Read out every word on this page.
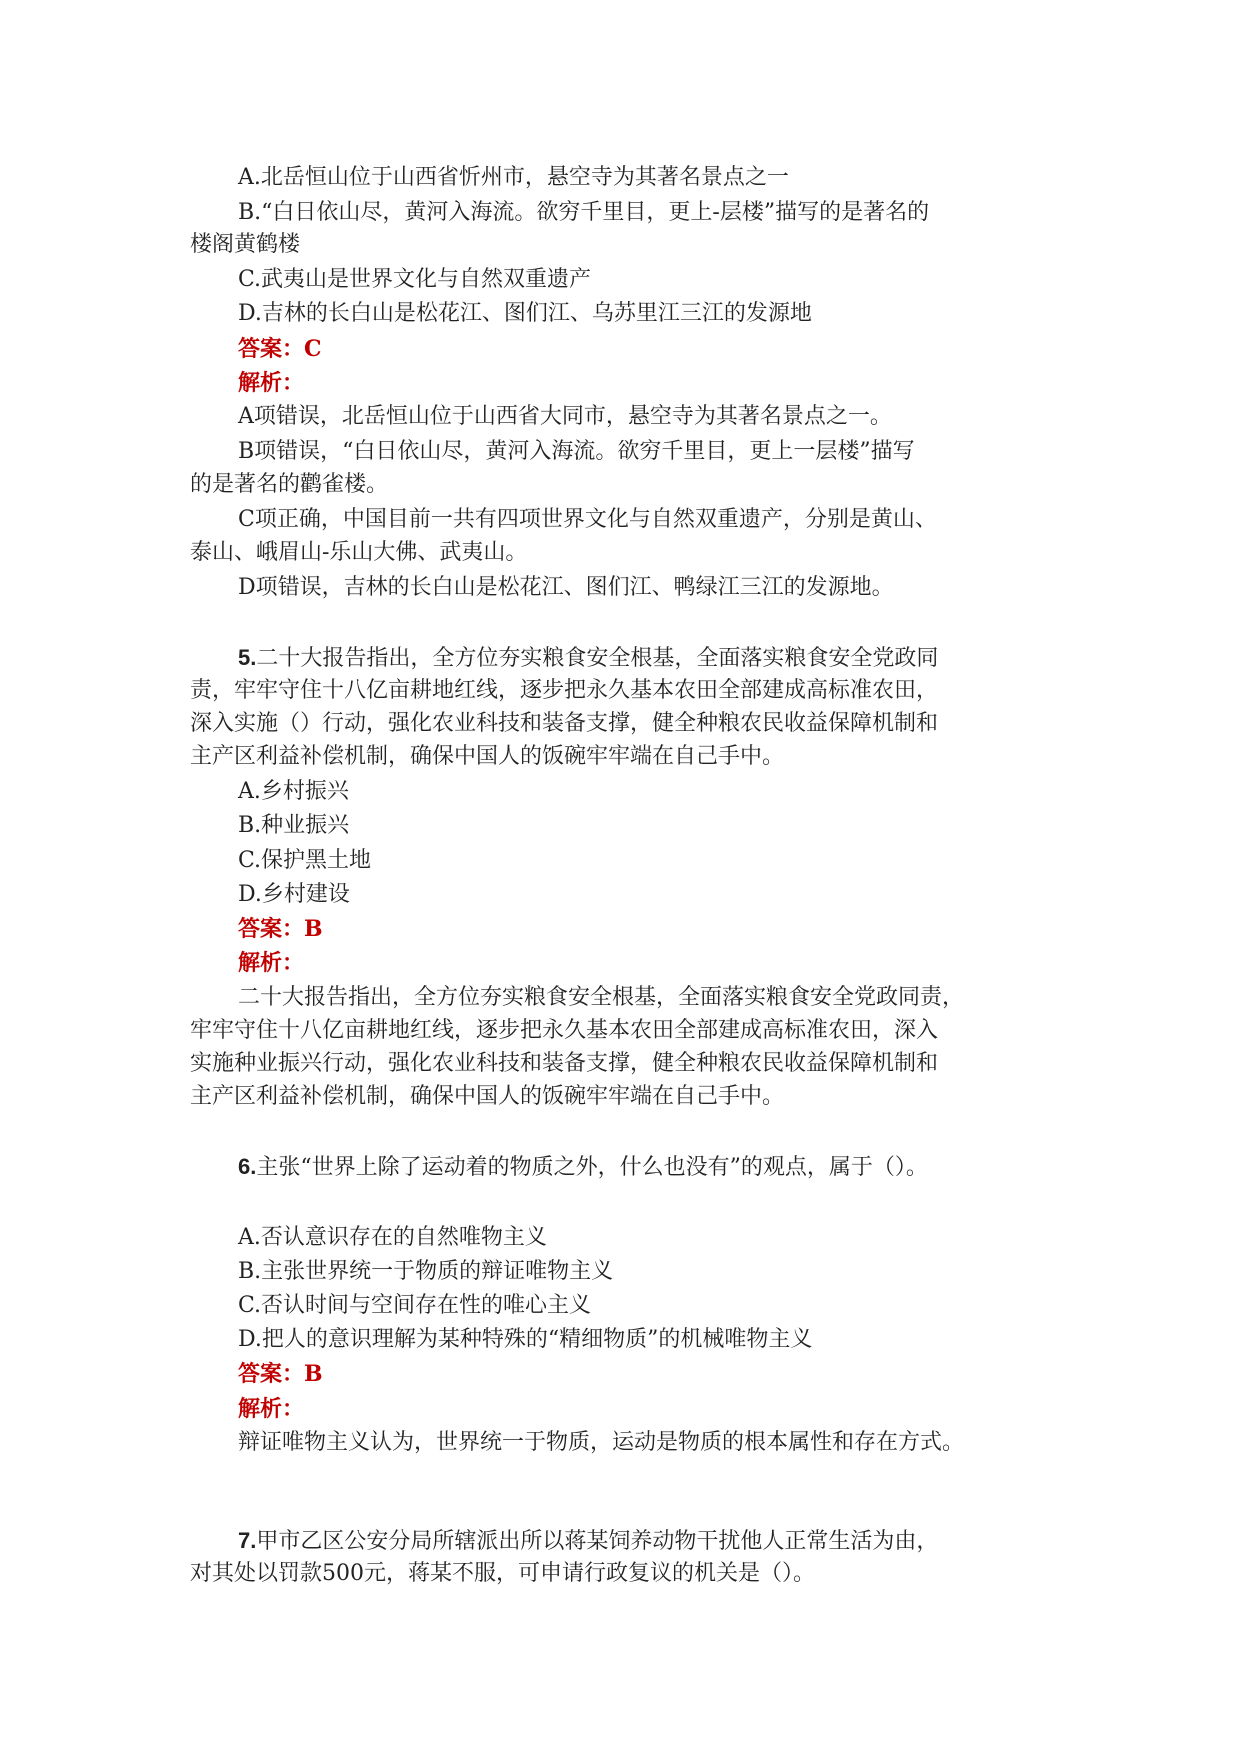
A.北岳恒山位于山西省忻州市，悬空寺为其著名景点之一
B.“白日依山尽，黄河入海流。欲穷千里目，更上-层楼”描写的是著名的
楼阁黄鹤楼
C.武夷山是世界文化与自然双重遗产
D.吉林的长白山是松花江、图们江、乌苏里江三江的发源地
答案：C
解析：
A项错误，北岳恒山位于山西省大同市，悬空寺为其著名景点之一。
B项错误，“白日依山尽，黄河入海流。欲穷千里目，更上一层楼”描写
的是著名的鹳雀楼。
C项正确，中国目前一共有四项世界文化与自然双重遗产，分别是黄山、
泰山、峨眉山-乐山大佛、武夷山。
D项错误，吉林的长白山是松花江、图们江、鸭绿江三江的发源地。
5.二十大报告指出，全方位夯实粮食安全根基，全面落实粮食安全党政同
责，牢牢守住十八亿亩耕地红线，逐步把永久基本农田全部建成高标准农田，
深入实施（）行动，强化农业科技和装备支撑，健全种粮农民收益保障机制和
主产区利益补偿机制，确保中国人的饭碗牢牢端在自己手中。
A.乡村振兴
B.种业振兴
C.保护黑土地
D.乡村建设
答案：B
解析：
二十大报告指出，全方位夯实粮食安全根基，全面落实粮食安全党政同责，
牢牢守住十八亿亩耕地红线，逐步把永久基本农田全部建成高标准农田，深入
实施种业振兴行动，强化农业科技和装备支撑，健全种粮农民收益保障机制和
主产区利益补偿机制，确保中国人的饭碗牢牢端在自己手中。
6.主张“世界上除了运动着的物质之外，什么也没有”的观点，属于（）。
A.否认意识存在的自然唯物主义
B.主张世界统一于物质的辩证唯物主义
C.否认时间与空间存在性的唯心主义
D.把人的意识理解为某种特殊的“精细物质”的机械唯物主义
答案：B
解析：
辩证唯物主义认为，世界统一于物质，运动是物质的根本属性和存在方式。
7.甲市乙区公安分局所辖派出所以蒋某饲养动物干扰他人正常生活为由，
对其处以罚款500元，蒋某不服，可申请行政复议的机关是（）。
